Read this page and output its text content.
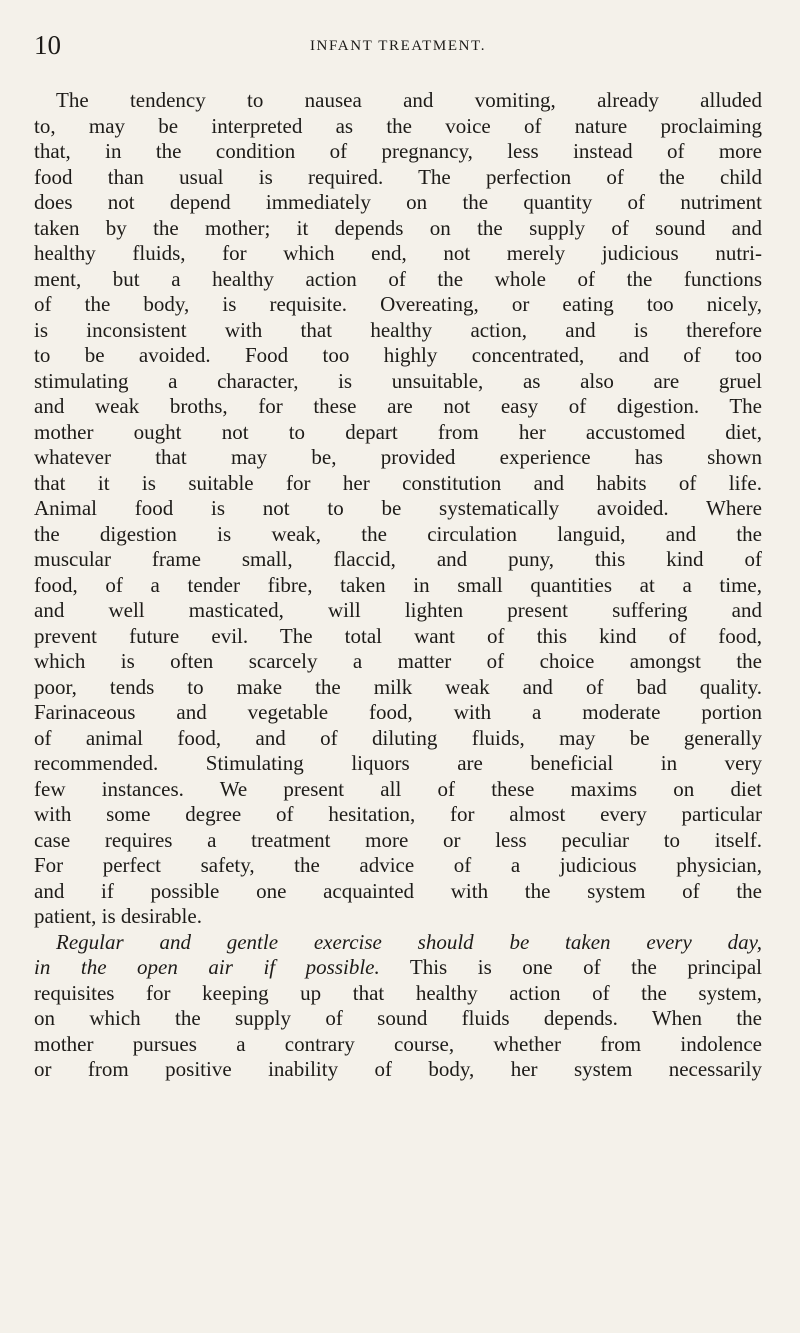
10	INFANT TREATMENT.
The tendency to nausea and vomiting, already alluded
to, may be interpreted as the voice of nature proclaiming
that, in the condition of pregnancy, less instead of more
food than usual is required. The perfection of the child
does not depend immediately on the quantity of nutriment
taken by the mother; it depends on the supply of sound and
healthy fluids, for which end, not merely judicious nutri-
ment, but a healthy action of the whole of the functions
of the body, is requisite. Overeating, or eating too nicely,
is inconsistent with that healthy action, and is therefore
to be avoided. Food too highly concentrated, and of too
stimulating a character, is unsuitable, as also are gruel
and weak broths, for these are not easy of digestion. The
mother ought not to depart from her accustomed diet,
whatever that may be, provided experience has shown
that it is suitable for her constitution and habits of life.
Animal food is not to be systematically avoided. Where
the digestion is weak, the circulation languid, and the
muscular frame small, flaccid, and puny, this kind of
food, of a tender fibre, taken in small quantities at a time,
and well masticated, will lighten present suffering and
prevent future evil. The total want of this kind of food,
which is often scarcely a matter of choice amongst the
poor, tends to make the milk weak and of bad quality.
Farinaceous and vegetable food, with a moderate portion
of animal food, and of diluting fluids, may be generally
recommended. Stimulating liquors are beneficial in very
few instances. We present all of these maxims on diet
with some degree of hesitation, for almost every particular
case requires a treatment more or less peculiar to itself.
For perfect safety, the advice of a judicious physician,
and if possible one acquainted with the system of the
patient, is desirable.
Regular and gentle exercise should be taken every day,
in the open air if possible. This is one of the principal
requisites for keeping up that healthy action of the system,
on which the supply of sound fluids depends. When the
mother pursues a contrary course, whether from indolence
or from positive inability of body, her system necessarily
